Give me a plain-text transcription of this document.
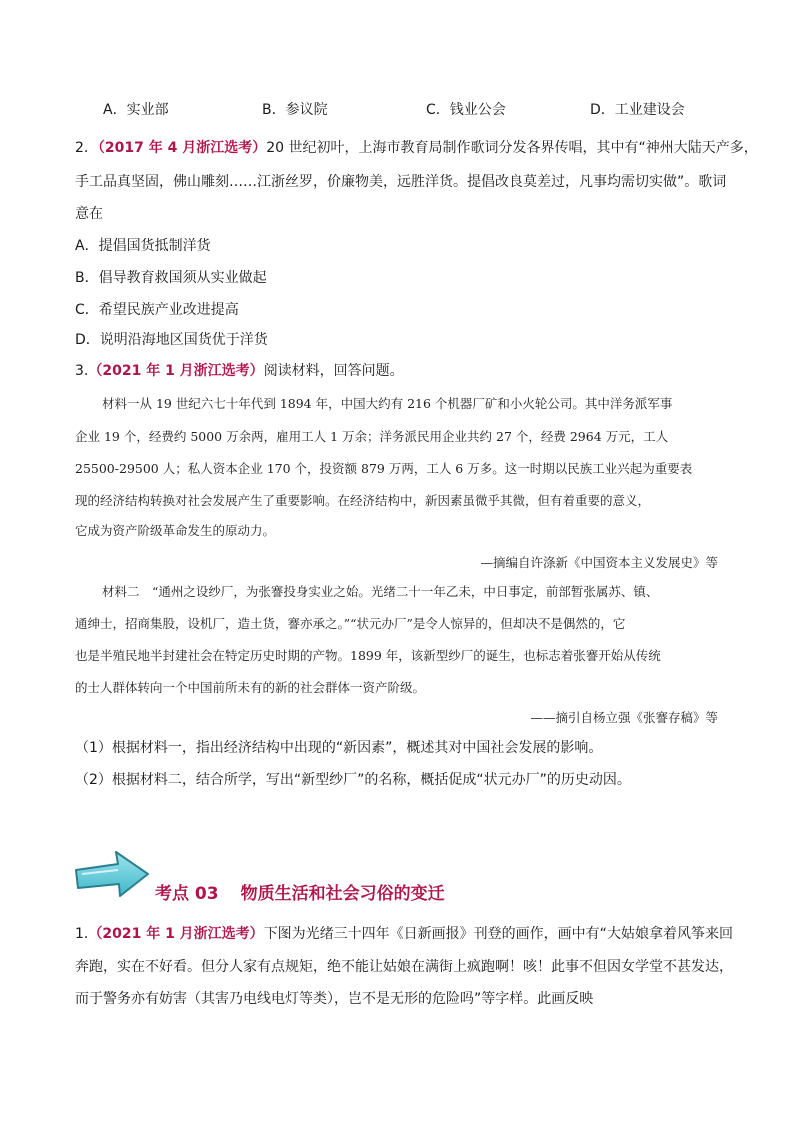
A．实业部	B．参议院	C．钱业公会	D．工业建设会
2．（2017 年 4 月浙江选考）20 世纪初叶，上海市教育局制作歌词分发各界传唱，其中有“神州大陆天产多，
手工品真坚固，佛山雕刻……江浙丝罗，价廉物美，远胜洋货。提倡改良莫差过，凡事均需切实做”。歌词
意在
A．提倡国货抵制洋货
B．倡导教育救国须从实业做起
C．希望民族产业改进提高
D．说明沿海地区国货优于洋货
3.（2021 年 1 月浙江选考）阅读材料，回答问题。
材料一从 19 世纪六七十年代到 1894 年，中国大约有 216 个机器厂矿和小火轮公司。其中洋务派军事
企业 19 个，经费约 5000 万余两，雇用工人 1 万余；洋务派民用企业共约 27 个，经费 2964 万元，工人
25500-29500 人；私人资本企业 170 个，投资额 879 万两，工人 6 万多。这一时期以民族工业兴起为重要表
现的经济结构转换对社会发展产生了重要影响。在经济结构中，新因素虽微乎其微，但有着重要的意义，
它成为资产阶级革命发生的原动力。
—摘编自许涤新《中国资本主义发展史》等
材料二　“通州之设纱厂，为张謇投身实业之始。光绪二十一年乙未，中日事定，前部暂张属苏、镇、
通绅士，招商集股，设机厂，造土货，謇亦承之。”“状元办厂”是令人惊异的，但却决不是偶然的，它
也是半殖民地半封建社会在特定历史时期的产物。1899 年，该新型纱厂的诞生，也标志着张謇开始从传统
的士人群体转向一个中国前所未有的新的社会群体一资产阶级。
——摘引自杨立强《张謇存稿》等
（1）根据材料一，指出经济结构中出现的“新因素”，概述其对中国社会发展的影响。
（2）根据材料二，结合所学，写出“新型纱厂”的名称，概括促成“状元办厂”的历史动因。
考点 03 物质生活和社会习俗的变迁
1.（2021 年 1 月浙江选考）下图为光绪三十四年《日新画报》刊登的画作，画中有“大姑娘拿着风筝来回
奔跑，实在不好看。但分人家有点规矩，绝不能让姑娘在满街上疯跑啊！咳！此事不但因女学堂不甚发达，
而于警务亦有妨害（其害乃电线电灯等类），岂不是无形的危险吗”等字样。此画反映
